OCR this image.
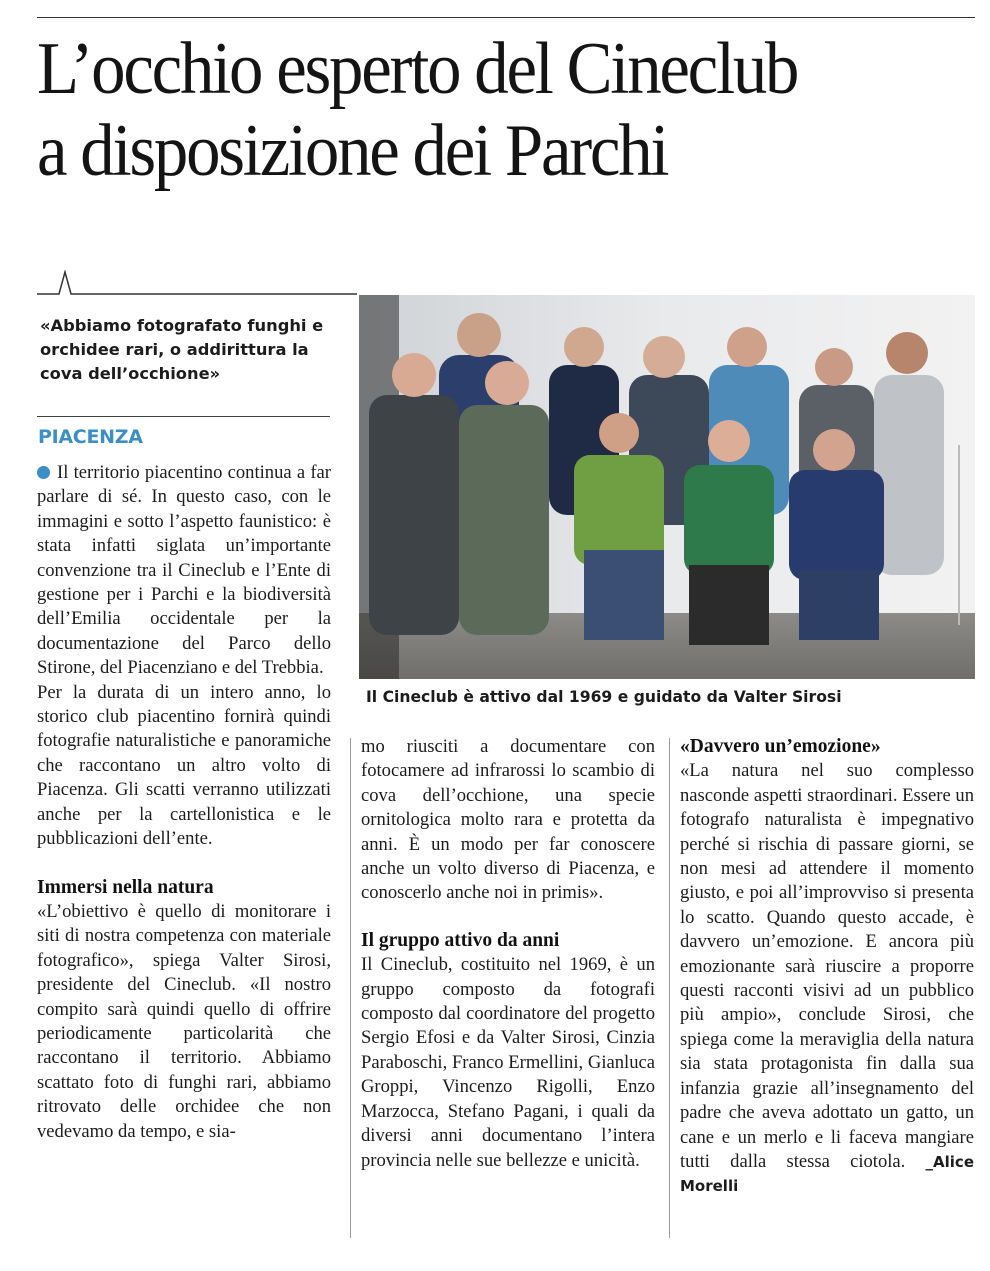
L’occhio esperto del Cineclub
a disposizione dei Parchi
«Abbiamo fotografato funghi e orchidee rari, o addirittura la cova dell’occhione»
PIACENZA

Il territorio piacentino continua a far parlare di sé. In questo caso, con le immagini e sotto l’aspetto faunistico: è stata infatti siglata un’importante convenzione tra il Cineclub e l’Ente di gestione per i Parchi e la biodiversità dell’Emilia occidentale per la documentazione del Parco dello Stirone, del Piacenziano e del Trebbia.

Per la durata di un intero anno, lo storico club piacentino fornirà quindi fotografie naturalistiche e panoramiche che raccontano un altro volto di Piacenza. Gli scatti verranno utilizzati anche per la cartellonistica e le pubblicazioni dell’ente.

Immersi nella natura

«L’obiettivo è quello di monitorare i siti di nostra competenza con materiale fotografico», spiega Valter Sirosi, presidente del Cineclub. «Il nostro compito sarà quindi quello di offrire periodicamente particolarità che raccontano il territorio. Abbiamo scattato foto di funghi rari, abbiamo ritrovato delle orchidee che non vedevamo da tempo, e sia-

Il Cineclub è attivo dal 1969 e guidato da Valter Sirosi

mo riusciti a documentare con fotocamere ad infrarossi lo scambio di cova dell’occhione, una specie ornitologica molto rara e protetta da anni. È un modo per far conoscere anche un volto diverso di Piacenza, e conoscerlo anche noi in primis».

Il gruppo attivo da anni

Il Cineclub, costituito nel 1969, è un gruppo composto da fotografi composto dal coordinatore del progetto Sergio Efosi e da Valter Sirosi, Cinzia Paraboschi, Franco Ermellini, Gianluca Groppi, Vincenzo Rigolli, Enzo Marzocca, Stefano Pagani, i quali da diversi anni documentano l’intera provincia nelle sue bellezze e unicità.

«Davvero un’emozione»

«La natura nel suo complesso nasconde aspetti straordinari. Essere un fotografo naturalista è impegnativo perché si rischia di passare giorni, se non mesi ad attendere il momento giusto, e poi all’improvviso si presenta lo scatto. Quando questo accade, è davvero un’emozione. E ancora più emozionante sarà riuscire a proporre questi racconti visivi ad un pubblico più ampio», conclude Sirosi, che spiega come la meraviglia della natura sia stata protagonista fin dalla sua infanzia grazie all’insegnamento del padre che aveva adottato un gatto, un cane e un merlo e li faceva mangiare tutti dalla stessa ciotola. _Alice Morelli
